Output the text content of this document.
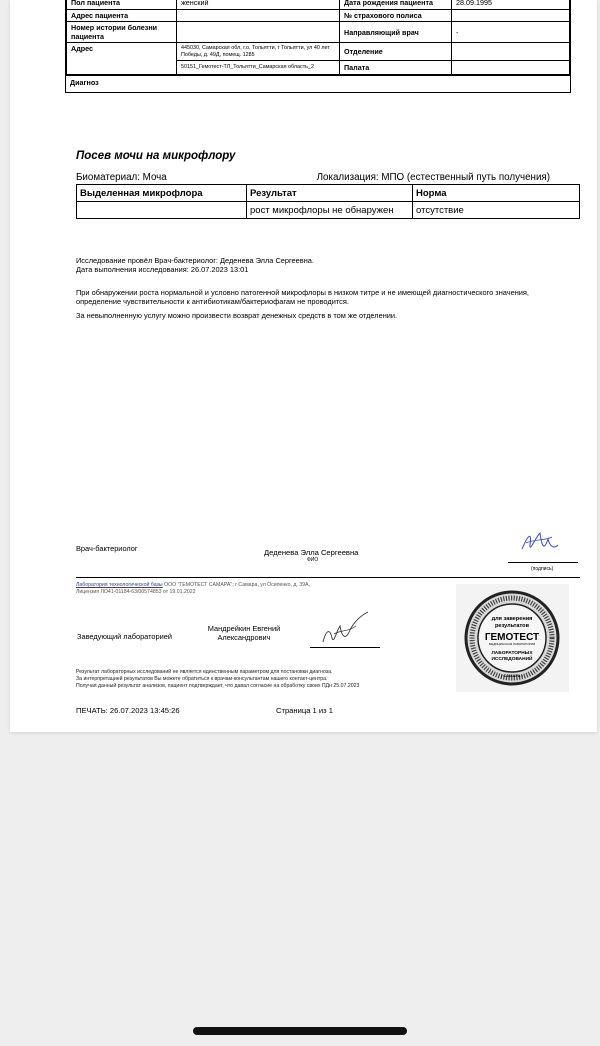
Пол пациента	женский	Дата рождения пациента	28.09.1995
Адрес пациента		№ страхового полиса	
Номер истории болезни пациента		Направляющий врач	-
Адрес	445030, Самарская обл, г.о. Тольятти, г Тольятти, ул 40 лет Победы, д. 49Д, помещ. 1285	Отделение	
	50151_Гемотест-ТЛ_Тольятти_Самарская область_2	Палата	
Диагноз
Посев мочи на микрофлору
Биоматериал: Моча	Локализация: МПО (естественный путь получения)
Выделенная микрофлора	Результат	Норма
	рост микрофлоры не обнаружен	отсутствие
Исследование провёл Врач-бактериолог: Деденева Элла Сергеевна.
Дата выполнения исследования: 26.07.2023 13:01
При обнаружении роста нормальной и условно патогенной микрофлоры в низком титре и не имеющей диагностического значения, определение чувствительности к антибиотикам/бактериофагам не проводится.
За невыполненную услугу можно произвести возврат денежных средств в том же отделении.
Врач-бактериолог	Деденева Элла Сергеевна
ФИО
(подпись)
Лаборатория технологической базы ООО "ГЕМОТЕСТ САМАРА"; г Самара, ул Осипенко, д. 39А,
Лицензия ЛО41-01184-63/00574853 от 19.01.2022
Заведующий лабораторией
Мандрейкин Евгений Александрович
Результат лабораторных исследований не является единственным параметром для постановки диагноза.
За интерпретацией результатов Вы можете обратиться к врачам-консультантам нашего контакт-центра.
Получая данный результат анализов, пациент подтверждает, что давал согласие на обработку своих ПДн 25.07.2023
для заверения
результатов
ГЕМОТЕСТ
МЕДИЦИНСКАЯ ЛАБОРАТОРИЯ
ЛАБОРАТОРНЫХ
ИССЛЕДОВАНИЙ
• САМАРА •
ПЕЧАТЬ: 26.07.2023 13:45:26	Страница 1 из 1
